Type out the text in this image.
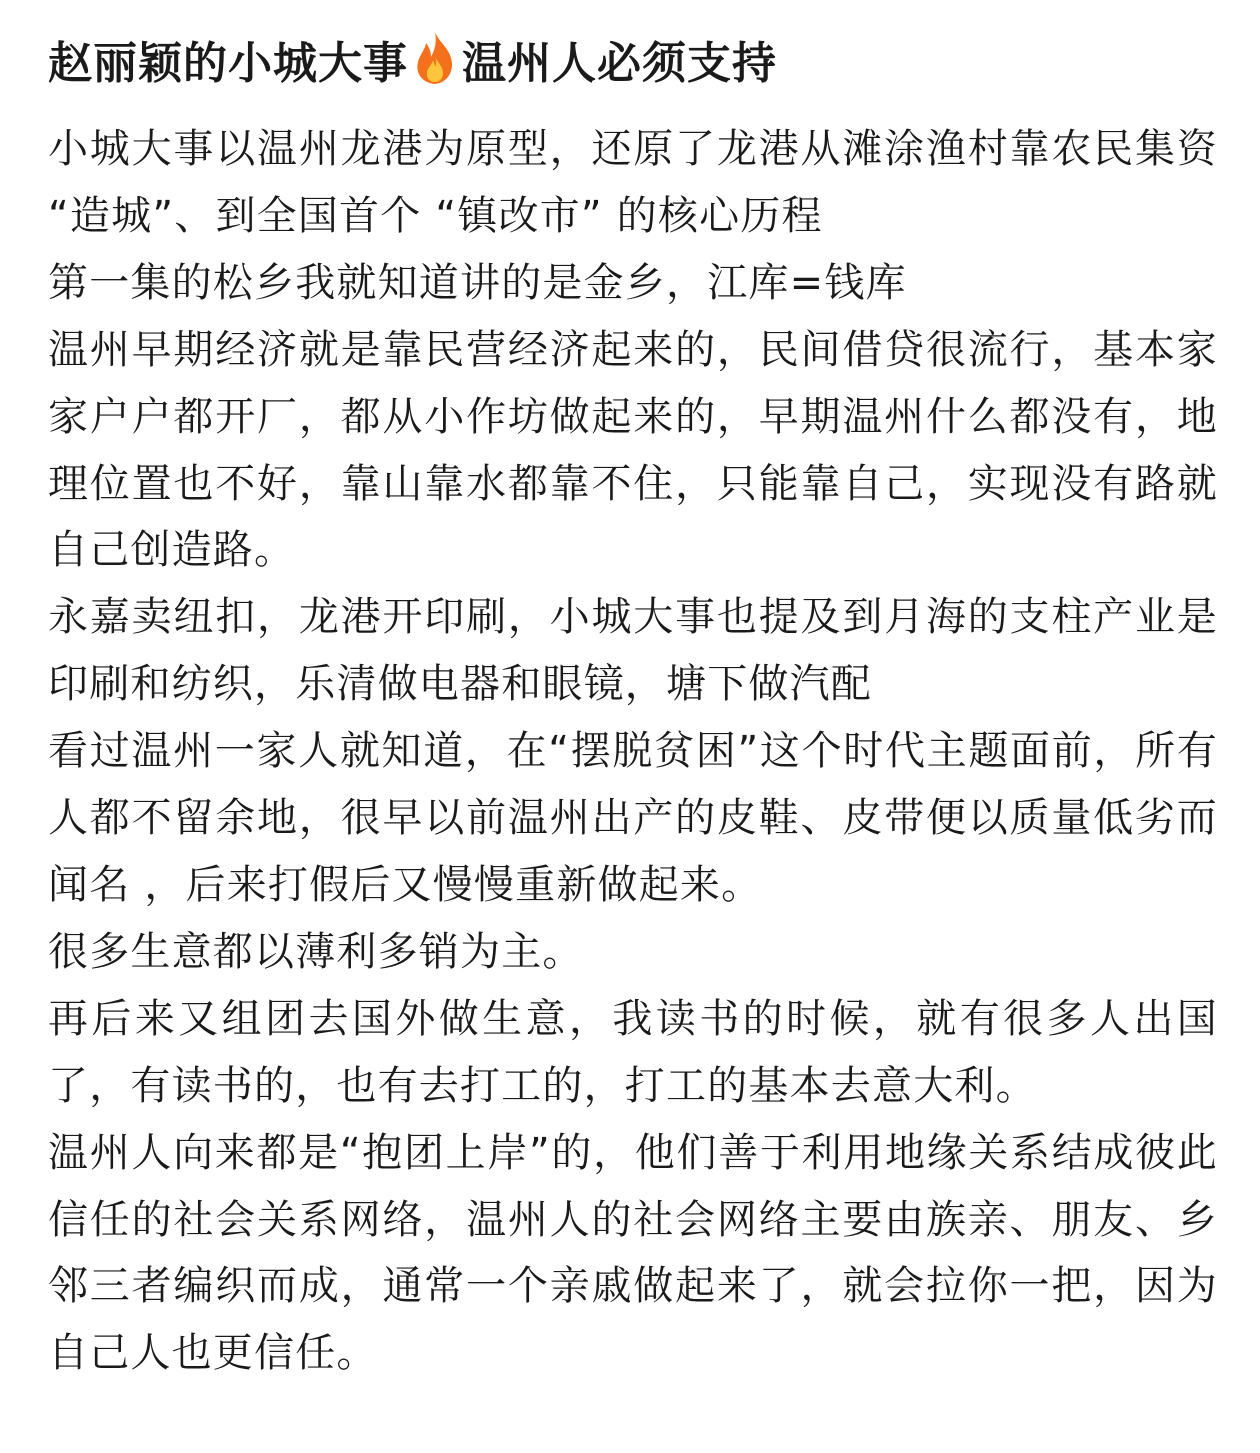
赵丽颖的小城大事 温州人必须支持

小城大事以温州龙港为原型，还原了龙港从滩涂渔村靠农民集资 “造城”、到全国首个 “镇改市” 的核心历程

第一集的松乡我就知道讲的是金乡，江库=钱库

温州早期经济就是靠民营经济起来的，民间借贷很流行，基本家家户户都开厂，都从小作坊做起来的，早期温州什么都没有，地理位置也不好，靠山靠水都靠不住，只能靠自己，实现没有路就自己创造路。

永嘉卖纽扣，龙港开印刷，小城大事也提及到月海的支柱产业是印刷和纺织，乐清做电器和眼镜，塘下做汽配

看过温州一家人就知道，在“摆脱贫困”这个时代主题面前，所有人都不留余地，很早以前温州出产的皮鞋、皮带便以质量低劣而闻名 ，后来打假后又慢慢重新做起来。

很多生意都以薄利多销为主。

再后来又组团去国外做生意，我读书的时候，就有很多人出国了，有读书的，也有去打工的，打工的基本去意大利。

温州人向来都是“抱团上岸”的，他们善于利用地缘关系结成彼此信任的社会关系网络，温州人的社会网络主要由族亲、朋友、乡邻三者编织而成，通常一个亲戚做起来了，就会拉你一把，因为自己人也更信任。
